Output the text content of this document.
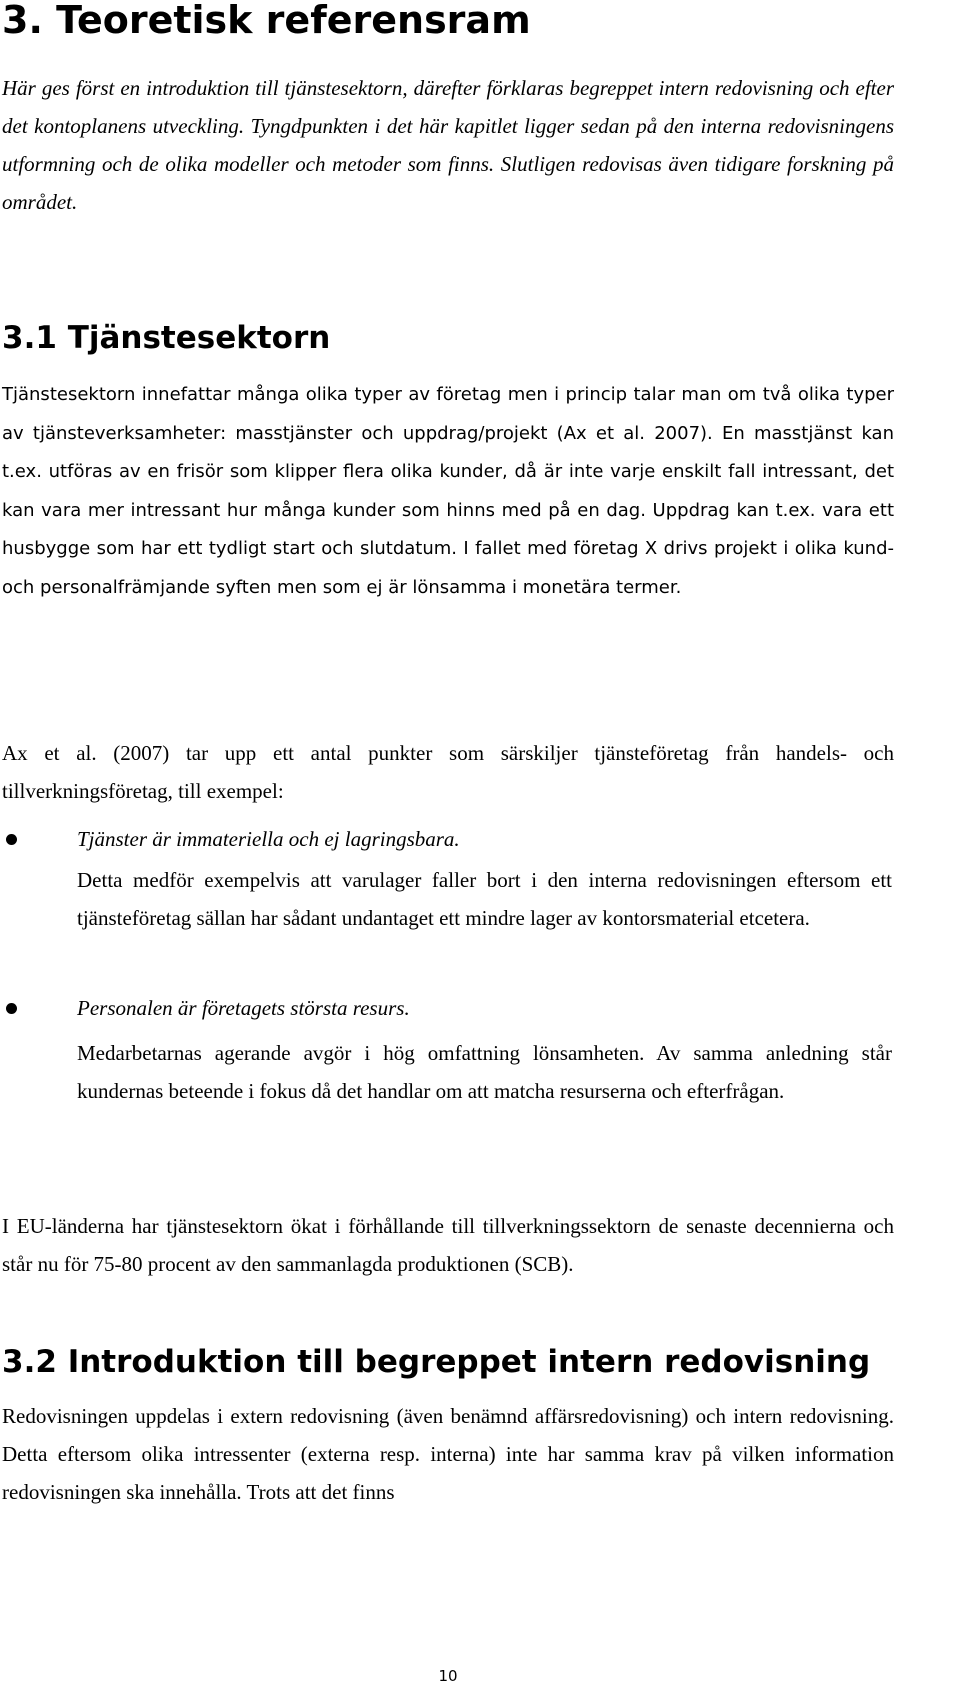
3. Teoretisk referensram

Här ges först en introduktion till tjänstesektorn, därefter förklaras begreppet intern redovisning och efter det kontoplanens utveckling. Tyngdpunkten i det här kapitlet ligger sedan på den interna redovisningens utformning och de olika modeller och metoder som finns. Slutligen redovisas även tidigare forskning på området.

3.1 Tjänstesektorn

Tjänstesektorn innefattar många olika typer av företag men i princip talar man om två olika typer av tjänsteverksamheter: masstjänster och uppdrag/projekt (Ax et al. 2007). En masstjänst kan t.ex. utföras av en frisör som klipper flera olika kunder, då är inte varje enskilt fall intressant, det kan vara mer intressant hur många kunder som hinns med på en dag. Uppdrag kan t.ex. vara ett husbygge som har ett tydligt start och slutdatum. I fallet med företag X drivs projekt i olika kund- och personalfrämjande syften men som ej är lönsamma i monetära termer.

Ax et al. (2007) tar upp ett antal punkter som särskiljer tjänsteföretag från handels- och tillverkningsföretag, till exempel:

Tjänster är immateriella och ej lagringsbara.

Detta medför exempelvis att varulager faller bort i den interna redovisningen eftersom ett tjänsteföretag sällan har sådant undantaget ett mindre lager av kontorsmaterial etcetera.

Personalen är företagets största resurs.

Medarbetarnas agerande avgör i hög omfattning lönsamheten. Av samma anledning står kundernas beteende i fokus då det handlar om att matcha resurserna och efterfrågan.

I EU-länderna har tjänstesektorn ökat i förhållande till tillverkningssektorn de senaste decennierna och står nu för 75-80 procent av den sammanlagda produktionen (SCB).

3.2 Introduktion till begreppet intern redovisning

Redovisningen uppdelas i extern redovisning (även benämnd affärsredovisning) och intern redovisning. Detta eftersom olika intressenter (externa resp. interna) inte har samma krav på vilken information redovisningen ska innehålla. Trots att det finns

10
